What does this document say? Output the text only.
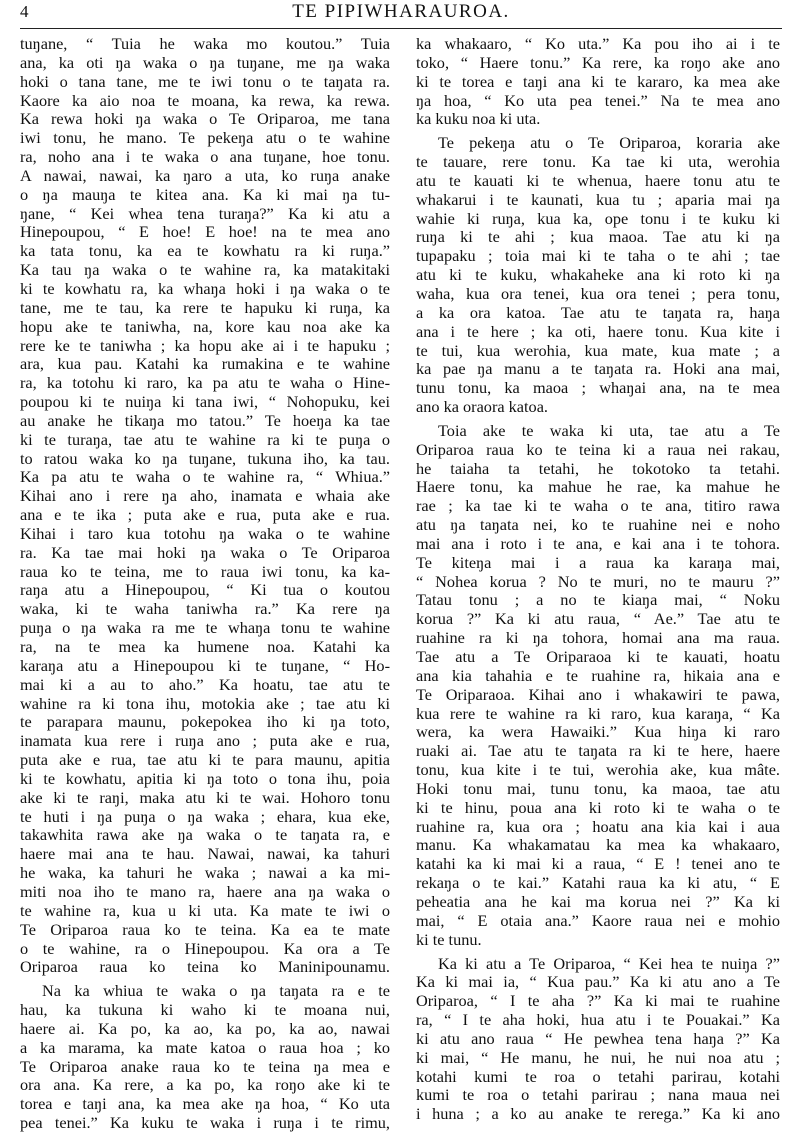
4	TE PIPIWHARAUROA.
tuŋane, “ Tuia he waka mo koutou.” Tuia
ana, ka oti ŋa waka o ŋa tuŋane, me ŋa waka
hoki o tana tane, me te iwi tonu o te taŋata ra.
Kaore ka aio noa te moana, ka rewa, ka rewa.
Ka rewa hoki ŋa waka o Te Oriparoa, me tana
iwi tonu, he mano. Te pekeŋa atu o te wahine
ra, noho ana i te waka o ana tuŋane, hoe tonu.
A nawai, nawai, ka ŋaro a uta, ko ruŋa anake
o ŋa mauŋa te kitea ana. Ka ki mai ŋa tu-
ŋane, “ Kei whea tena turaŋa?” Ka ki atu a
Hinepoupou, “ E hoe! E hoe! na te mea ano
ka tata tonu, ka ea te kowhatu ra ki ruŋa.”
Ka tau ŋa waka o te wahine ra, ka matakitaki
ki te kowhatu ra, ka whaŋa hoki i ŋa waka o te
tane, me te tau, ka rere te hapuku ki ruŋa, ka
hopu ake te taniwha, na, kore kau noa ake ka
rere ke te taniwha ; ka hopu ake ai i te hapuku ;
ara, kua pau. Katahi ka rumakina e te wahine
ra, ka totohu ki raro, ka pa atu te waha o Hine-
poupou ki te nuiŋa ki tana iwi, “ Nohopuku, kei
au anake he tikaŋa mo tatou.” Te hoeŋa ka tae
ki te turaŋa, tae atu te wahine ra ki te puŋa o
to ratou waka ko ŋa tuŋane, tukuna iho, ka tau.
Ka pa atu te waha o te wahine ra, “ Whiua.”
Kihai ano i rere ŋa aho, inamata e whaia ake
ana e te ika ; puta ake e rua, puta ake e rua.
Kihai i taro kua totohu ŋa waka o te wahine
ra. Ka tae mai hoki ŋa waka o Te Oriparoa
raua ko te teina, me to raua iwi tonu, ka ka-
raŋa atu a Hinepoupou, “ Ki tua o koutou
waka, ki te waha taniwha ra.” Ka rere ŋa
puŋa o ŋa waka ra me te whaŋa tonu te wahine
ra, na te mea ka humene noa. Katahi ka
karaŋa atu a Hinepoupou ki te tuŋane, “ Ho-
mai ki a au to aho.” Ka hoatu, tae atu te
wahine ra ki tona ihu, motokia ake ; tae atu ki
te parapara maunu, pokepokea iho ki ŋa toto,
inamata kua rere i ruŋa ano ; puta ake e rua,
puta ake e rua, tae atu ki te para maunu, apitia
ki te kowhatu, apitia ki ŋa toto o tona ihu, poia
ake ki te raŋi, maka atu ki te wai. Hohoro tonu
te huti i ŋa puŋa o ŋa waka ; ehara, kua eke,
takawhita rawa ake ŋa waka o te taŋata ra, e
haere mai ana te hau. Nawai, nawai, ka tahuri
he waka, ka tahuri he waka ; nawai a ka mi-
miti noa iho te mano ra, haere ana ŋa waka o
te wahine ra, kua u ki uta. Ka mate te iwi o
Te Oriparoa raua ko te teina. Ka ea te mate
o te wahine, ra o Hinepoupou. Ka ora a Te
Oriparoa raua ko teina ko Maninipounamu.
Na ka whiua te waka o ŋa taŋata ra e te
hau, ka tukuna ki waho ki te moana nui,
haere ai. Ka po, ka ao, ka po, ka ao, nawai
a ka marama, ka mate katoa o raua hoa ; ko
Te Oriparoa anake raua ko te teina ŋa mea e
ora ana. Ka rere, a ka po, ka roŋo ake ki te
torea e taŋi ana, ka mea ake ŋa hoa, “ Ko uta
pea tenei.” Ka kuku te waka i ruŋa i te rimu,
ka whakaaro, “ Ko uta.” Ka pou iho ai i te
toko, “ Haere tonu.” Ka rere, ka roŋo ake ano
ki te torea e taŋi ana ki te kararo, ka mea ake
ŋa hoa, “ Ko uta pea tenei.” Na te mea ano
ka kuku noa ki uta.
Te pekeŋa atu o Te Oriparoa, koraria ake
te tauare, rere tonu. Ka tae ki uta, werohia
atu te kauati ki te whenua, haere tonu atu te
whakarui i te kaunati, kua tu ; aparia mai ŋa
wahie ki ruŋa, kua ka, ope tonu i te kuku ki
ruŋa ki te ahi ; kua maoa. Tae atu ki ŋa
tupapaku ; toia mai ki te taha o te ahi ; tae
atu ki te kuku, whakaheke ana ki roto ki ŋa
waha, kua ora tenei, kua ora tenei ; pera tonu,
a ka ora katoa. Tae atu te taŋata ra, haŋa
ana i te here ; ka oti, haere tonu. Kua kite i
te tui, kua werohia, kua mate, kua mate ; a
ka pae ŋa manu a te taŋata ra. Hoki ana mai,
tunu tonu, ka maoa ; whaŋai ana, na te mea
ano ka oraora katoa.
Toia ake te waka ki uta, tae atu a Te
Oriparoa raua ko te teina ki a raua nei rakau,
he taiaha ta tetahi, he tokotoko ta tetahi.
Haere tonu, ka mahue he rae, ka mahue he
rae ; ka tae ki te waha o te ana, titiro rawa
atu ŋa taŋata nei, ko te ruahine nei e noho
mai ana i roto i te ana, e kai ana i te tohora.
Te kiteŋa mai i a raua ka karaŋa mai,
“ Nohea korua ? No te muri, no te mauru ?”
Tatau tonu ; a no te kiaŋa mai, “ Noku
korua ?” Ka ki atu raua, “ Ae.” Tae atu te
ruahine ra ki ŋa tohora, homai ana ma raua.
Tae atu a Te Oriparaoa ki te kauati, hoatu
ana kia tahahia e te ruahine ra, hikaia ana e
Te Oriparaoa. Kihai ano i whakawiri te pawa,
kua rere te wahine ra ki raro, kua karaŋa, “ Ka
wera, ka wera Hawaiki.” Kua hiŋa ki raro
ruaki ai. Tae atu te taŋata ra ki te here, haere
tonu, kua kite i te tui, werohia ake, kua mâte.
Hoki tonu mai, tunu tonu, ka maoa, tae atu
ki te hinu, poua ana ki roto ki te waha o te
ruahine ra, kua ora ; hoatu ana kia kai i aua
manu. Ka whakamatau ka mea ka whakaaro,
katahi ka ki mai ki a raua, “ E ! tenei ano te
rekaŋa o te kai.” Katahi raua ka ki atu, “ E
peheatia ana he kai ma korua nei ?” Ka ki
mai, “ E otaia ana.” Kaore raua nei e mohio
ki te tunu.
Ka ki atu a Te Oriparoa, “ Kei hea te nuiŋa ?”
Ka ki mai ia, “ Kua pau.” Ka ki atu ano a Te
Oriparoa, “ I te aha ?” Ka ki mai te ruahine
ra, “ I te aha hoki, hua atu i te Pouakai.” Ka
ki atu ano raua “ He pewhea tena haŋa ?” Ka
ki mai, “ He manu, he nui, he nui noa atu ;
kotahi kumi te roa o tetahi parirau, kotahi
kumi te roa o tetahi parirau ; nana maua nei
i huna ; a ko au anake te rerega.” Ka ki ano
